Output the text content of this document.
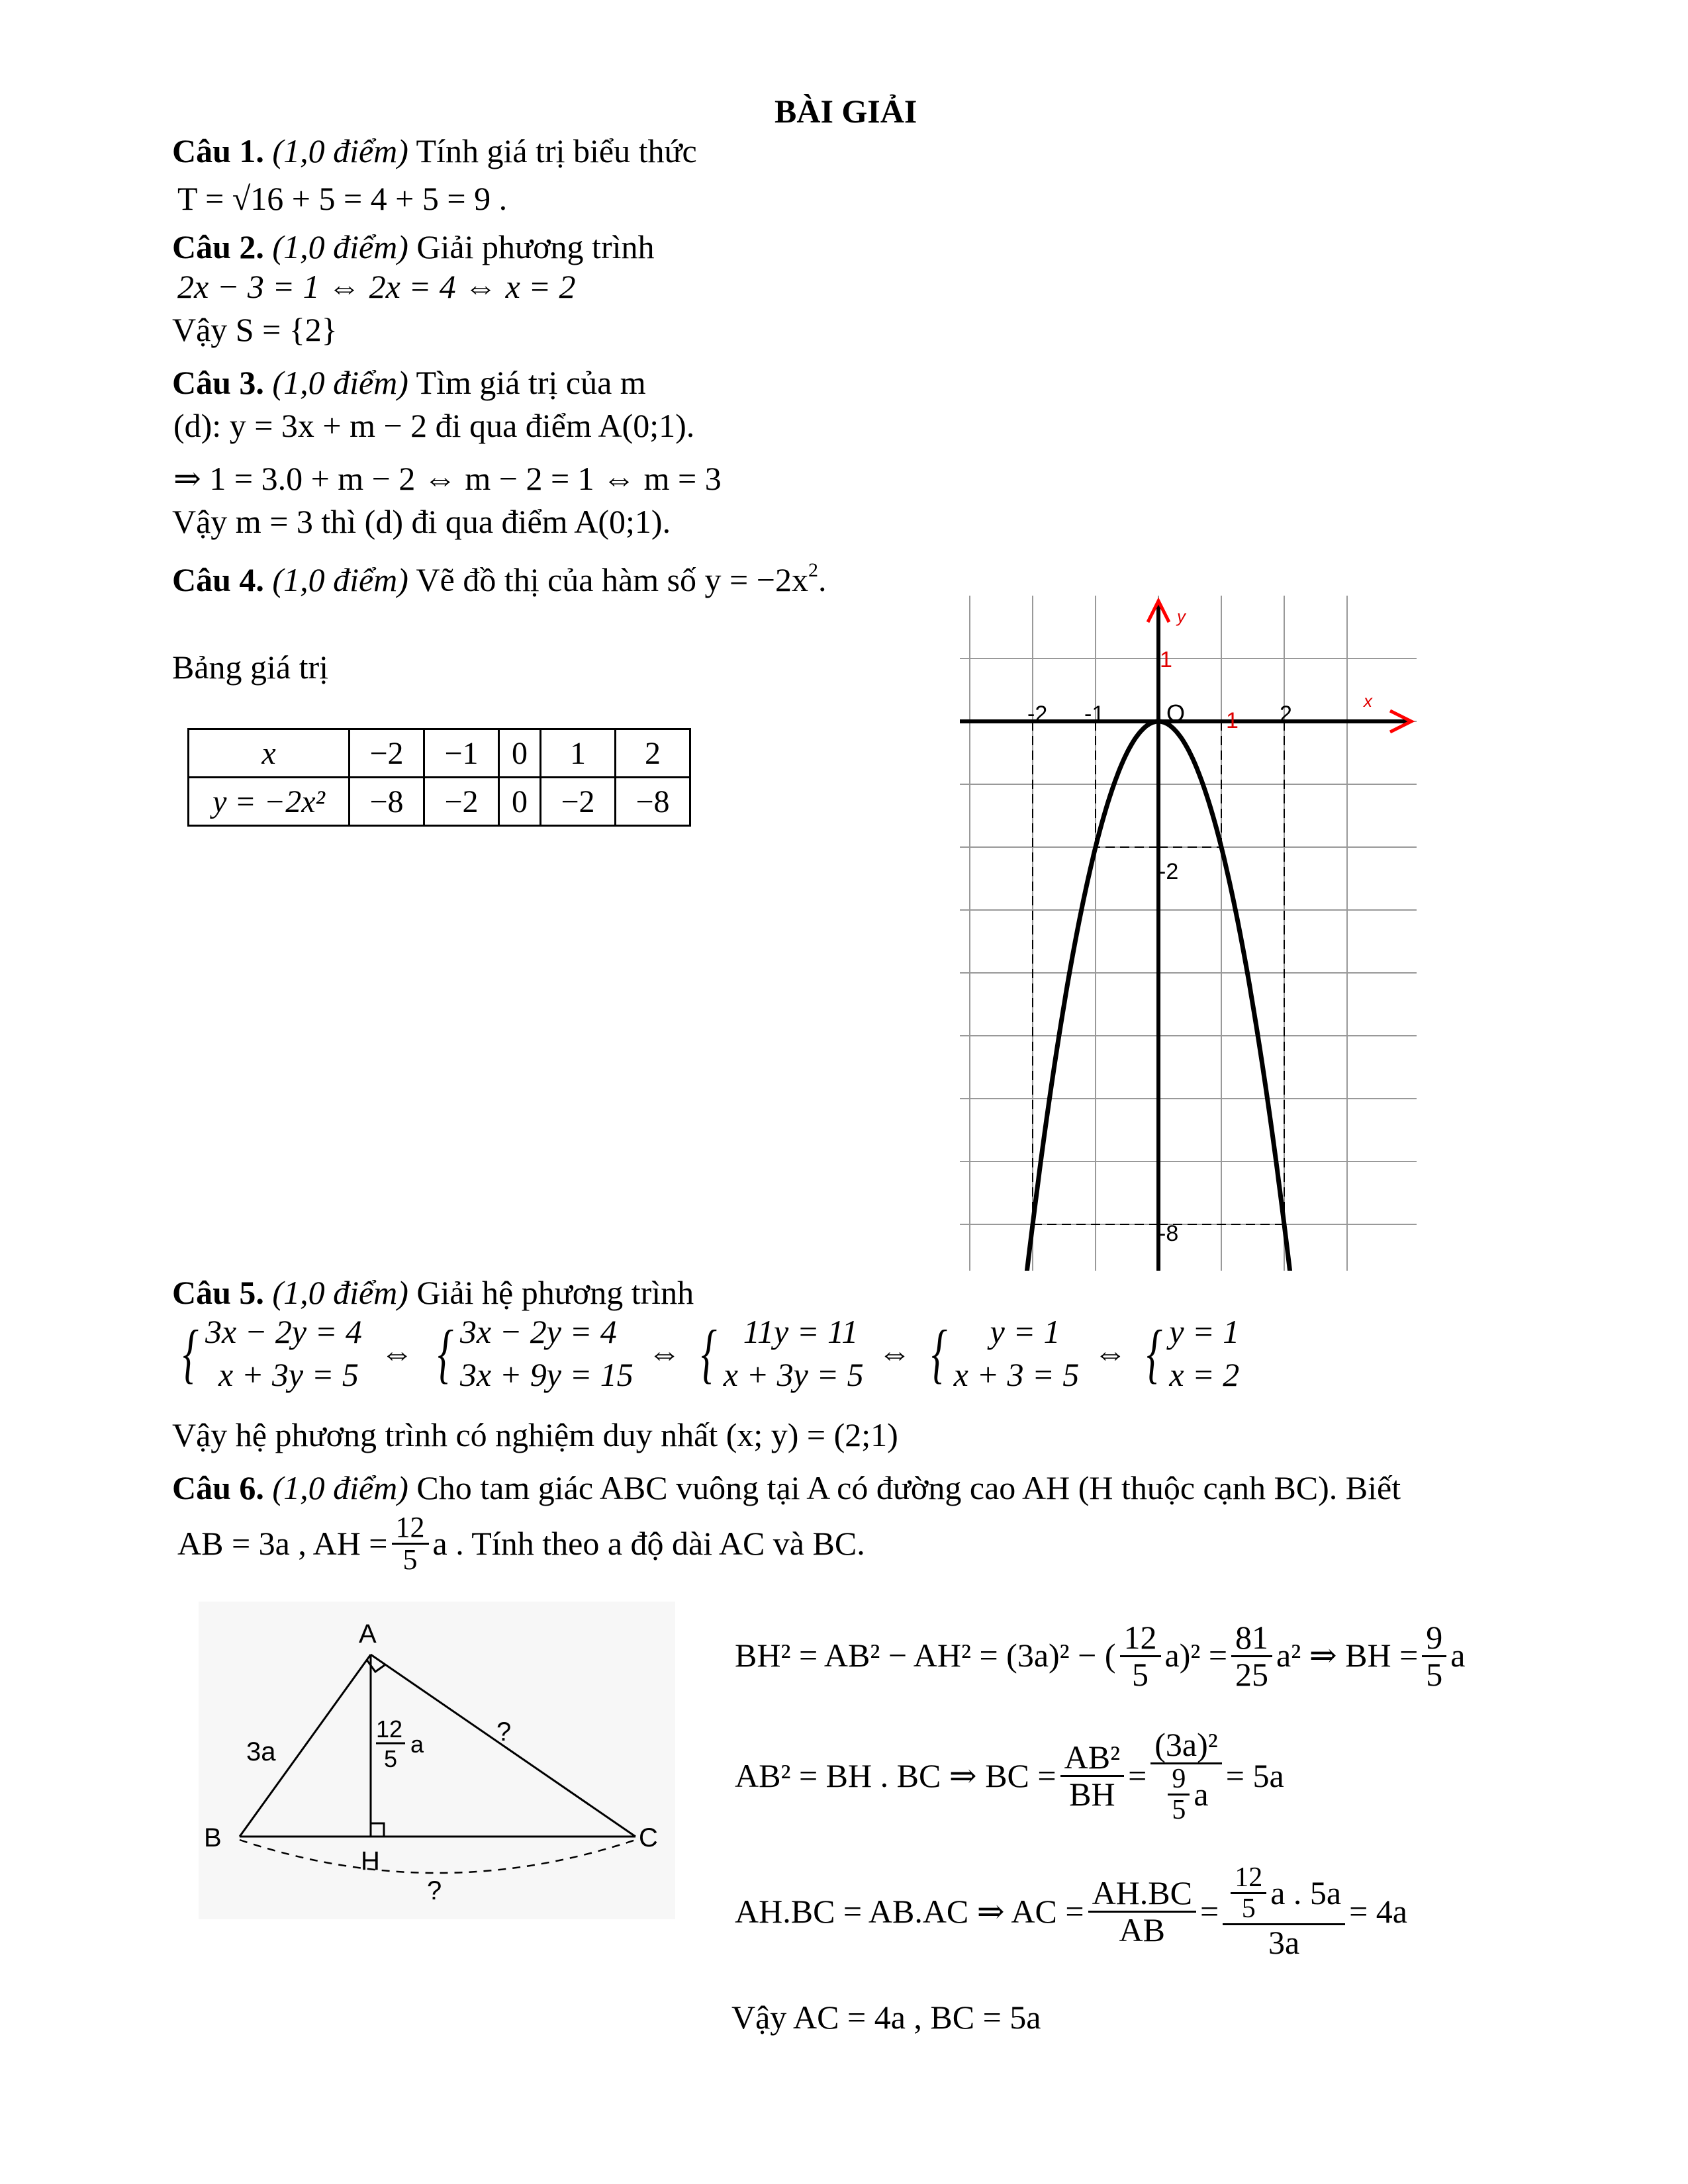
BÀI GIẢI
Câu 1. (1,0 điểm) Tính giá trị biểu thức
T = √16 + 5 = 4 + 5 = 9 .
Câu 2. (1,0 điểm) Giải phương trình
2x − 3 = 1 ⇔ 2x = 4 ⇔ x = 2
Vậy S = {2}
Câu 3. (1,0 điểm) Tìm giá trị của m
(d): y = 3x + m − 2 đi qua điểm A(0;1).
⇒ 1 = 3.0 + m − 2 ⇔ m − 2 = 1 ⇔ m = 3
Vậy m = 3 thì (d) đi qua điểm A(0;1).
Câu 4. (1,0 điểm) Vẽ đồ thị của hàm số $y = -2x^2$.
Bảng giá trị
x	−2	−1	0	1	2
y = −2x²	−8	−2	0	−2	−8
-2 -1	O 1 2
1
-2
-8
x
y
Câu 5. (1,0 điểm) Giải hệ phương trình
{ 3x − 2y = 4
x + 3y = 5
⇔ { 3x − 2y = 4
3x + 9y = 15
⇔ { 11y = 11
x + 3y = 5
⇔ {	y = 1
x + 3 = 5
⇔ { y = 1
x = 2
Vậy hệ phương trình có nghiệm duy nhất (x; y) = (2;1)
Câu 6. (1,0 điểm) Cho tam giác ABC vuông tại A có đường cao AH (H thuộc cạnh BC). Biết
AB = 3a , AH = $\frac{12}{5}$ a . Tính theo a độ dài AC và BC.
A
B	C
H
3a
12
5
a	?
?
BH² = AB² − AH² = (3a)² − ( $\frac{12}{5} a)^2 = \frac{81}{25} a^2$ ⇒ BH = $\frac{9}{5}$ a
AB² = BH . BC ⇒ BC = $\frac{\text{AB²}}{BH} = \frac{\text{(3a)²}}{\frac{9}{5} a} = 5a$
AH.BC = AB.AC ⇒ AC = $\frac{AH.BC}{AB} = \frac{\frac{12}{5} a . 5a}{3a} = 4a$
Vậy AC = 4a , BC = 5a
